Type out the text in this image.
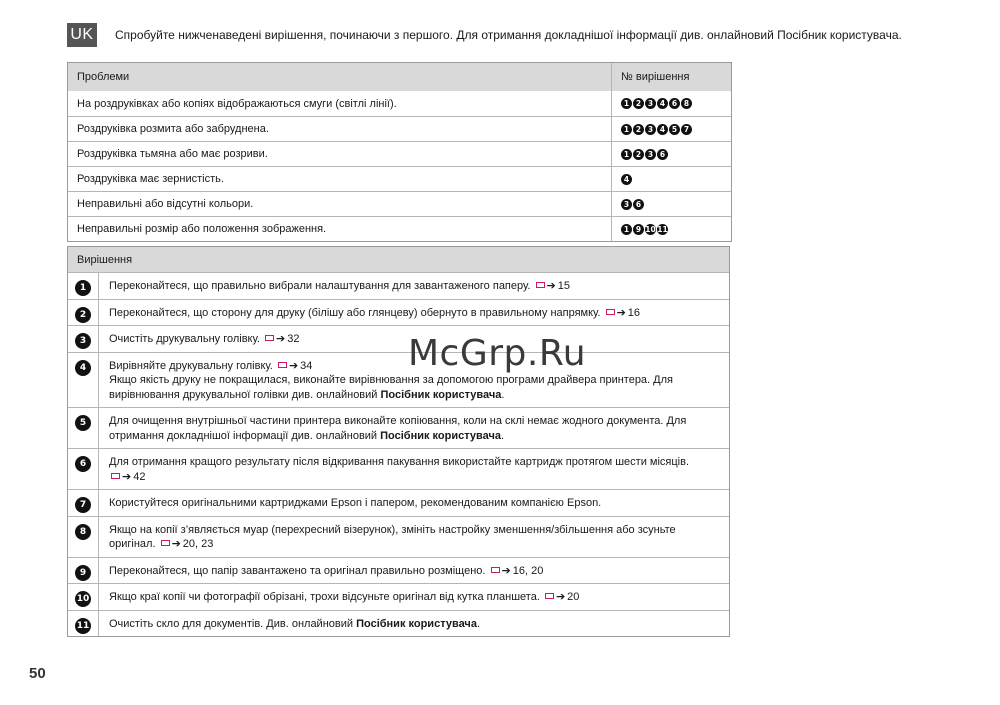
UK Спробуйте нижченаведені вирішення, починаючи з першого. Для отримання докладнішої інформації див. онлайновий Посібник користувача.
Проблеми	№ вирішення
На роздруківках або копіях відображаються смуги (світлі лінії).	1 2 3 4 6 8
Роздруківка розмита або забруднена.	1 2 3 4 5 7
Роздруківка тьмяна або має розриви.	1 2 3 6
Роздруківка має зернистість.	4
Неправильні або відсутні кольори.	3 6
Неправильні розмір або положення зображення.	1 9 10 11
Вирішення
1	Переконайтеся, що правильно вибрали налаштування для завантаженого паперу. ➔ 15
2	Переконайтеся, що сторону для друку (білішу або глянцеву) обернуто в правильному напрямку. ➔ 16
3	Очистіть друкувальну голівку. ➔ 32
4	Вирівняйте друкувальну голівку. ➔ 34
Якщо якість друку не покращилася, виконайте вирівнювання за допомогою програми драйвера принтера. Для вирівнювання друкувальної голівки див. онлайновий Посібник користувача.
5	Для очищення внутрішньої частини принтера виконайте копіювання, коли на склі немає жодного документа. Для отримання докладнішої інформації див. онлайновий Посібник користувача.
6	Для отримання кращого результату після відкривання пакування використайте картридж протягом шести місяців. ➔ 42
7	Користуйтеся оригінальними картриджами Epson і папером, рекомендованим компанією Epson.
8	Якщо на копії з’являється муар (перехресний візерунок), змініть настройку зменшення/збільшення або зсуньте оригінал. ➔ 20, 23
9	Переконайтеся, що папір завантажено та оригінал правильно розміщено. ➔ 16, 20
10	Якщо краї копії чи фотографії обрізані, трохи відсуньте оригінал від кутка планшета. ➔ 20
11	Очистіть скло для документів. Див. онлайновий Посібник користувача.
McGrp.Ru
50
